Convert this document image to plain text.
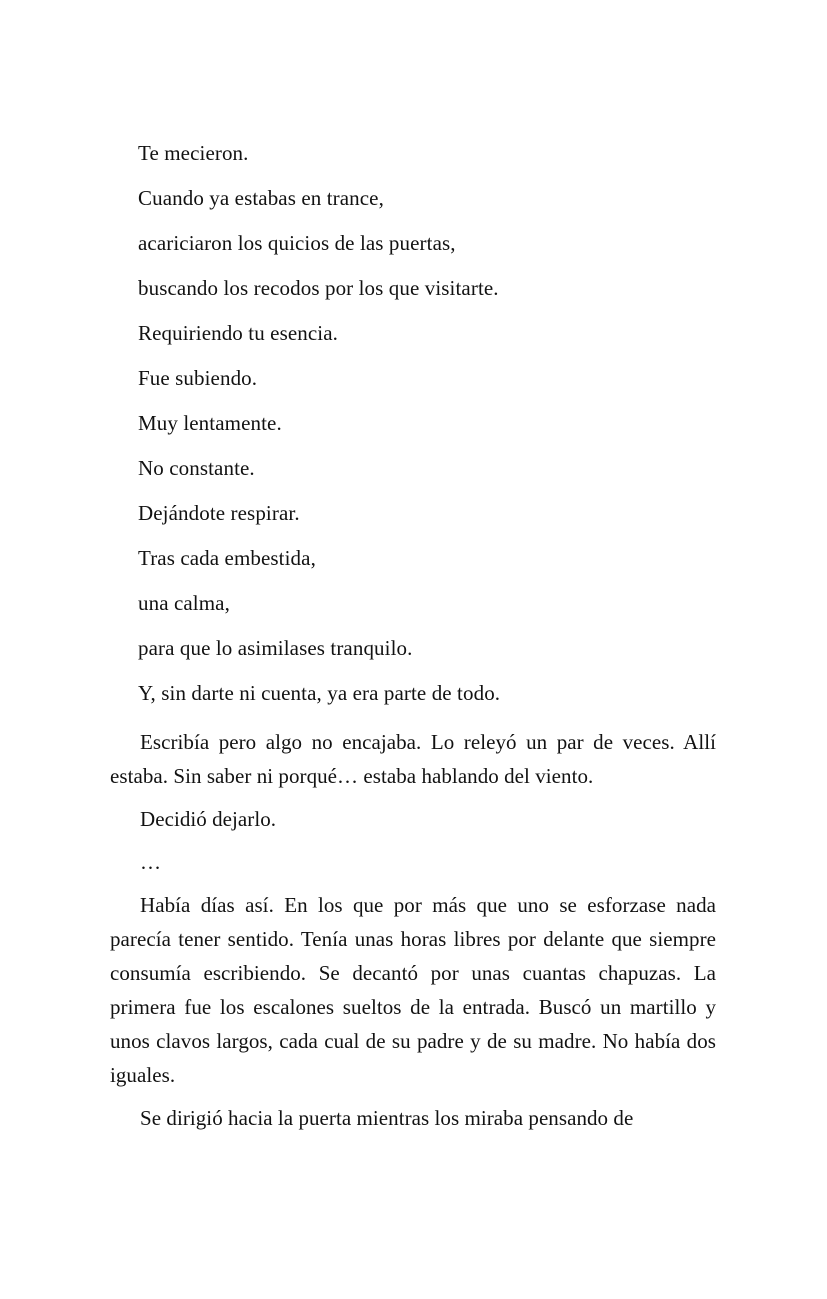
Te mecieron.
Cuando ya estabas en trance,
acariciaron los quicios de las puertas,
buscando los recodos por los que visitarte.
Requiriendo tu esencia.
Fue subiendo.
Muy lentamente.
No constante.
Dejándote respirar.
Tras cada embestida,
una calma,
para que lo asimilases tranquilo.
Y, sin darte ni cuenta, ya era parte de todo.

Escribía pero algo no encajaba. Lo releyó un par de veces. Allí estaba. Sin saber ni porqué… estaba hablando del viento.

Decidió dejarlo.

…

Había días así. En los que por más que uno se esforzase nada parecía tener sentido. Tenía unas horas libres por delante que siempre consumía escribiendo. Se decantó por unas cuantas chapuzas. La primera fue los escalones sueltos de la entrada. Buscó un martillo y unos clavos largos, cada cual de su padre y de su madre. No había dos iguales.

Se dirigió hacia la puerta mientras los miraba pensando de
